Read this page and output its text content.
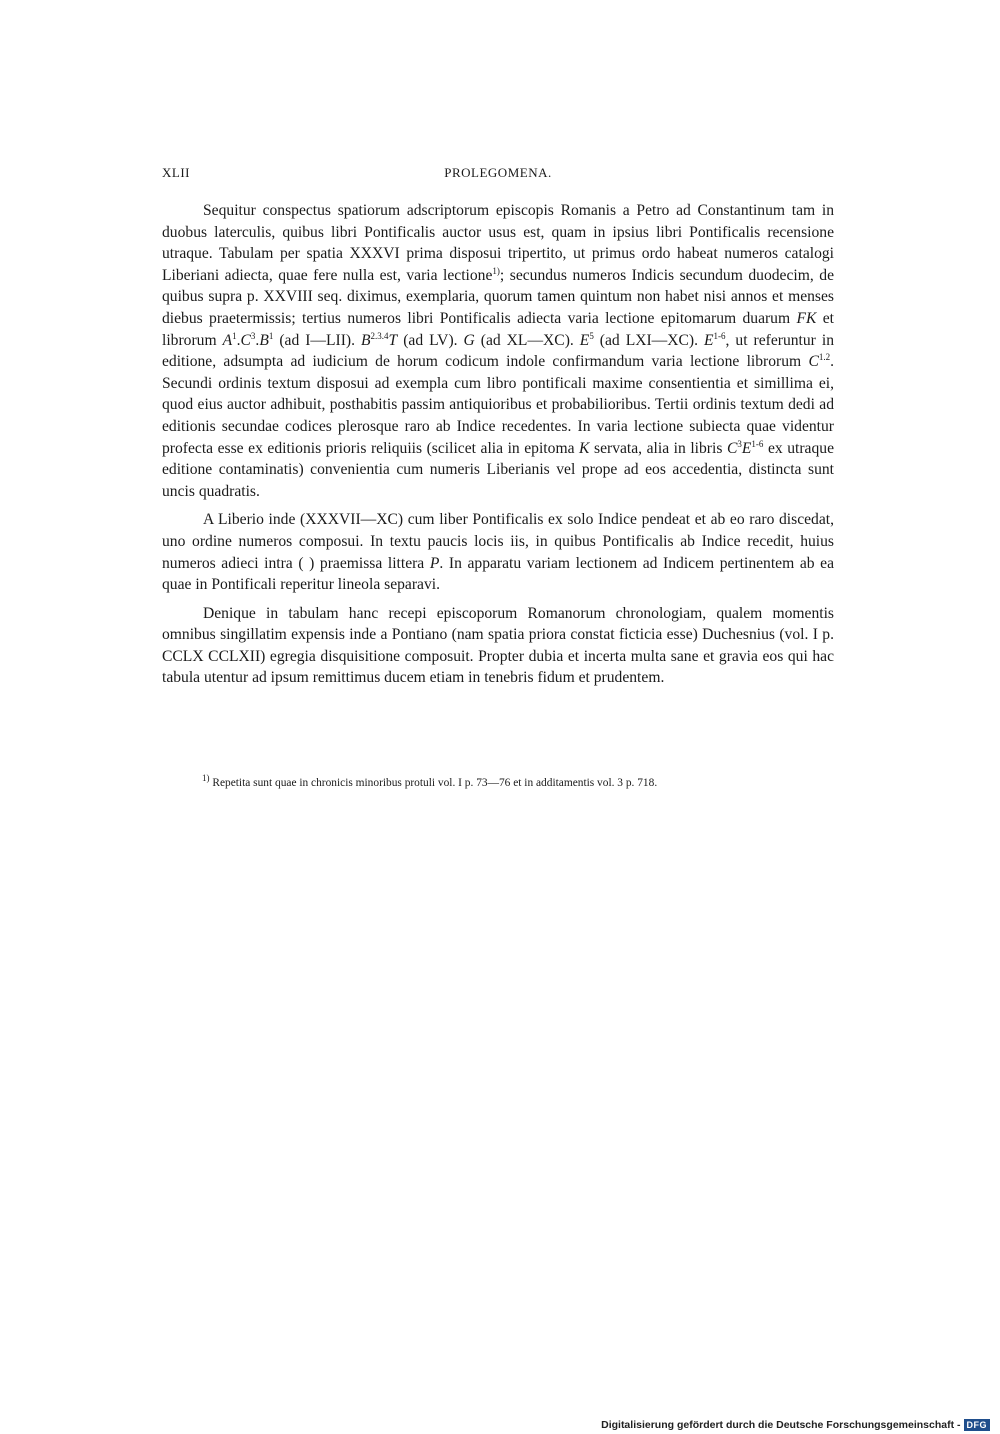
XLII	PROLEGOMENA.

Sequitur conspectus spatiorum adscriptorum episcopis Romanis a Petro ad Constantinum tam in duobus laterculis, quibus libri Pontificalis auctor usus est, quam in ipsius libri Pontificalis recensione utraque. Tabulam per spatia XXXVI prima disposui tripertito, ut primus ordo habeat numeros catalogi Liberiani adiecta, quae fere nulla est, varia lectione$^{1)}$; secundus numeros Indicis secundum duodecim, de quibus supra p. XXVIII seq. diximus, exemplaria, quorum tamen quintum non habet nisi annos et menses diebus praetermissis; tertius numeros libri Pontificalis adiecta varia lectione epitomarum duarum FK et librorum $A^1.C^3.B^1$ (ad I—LII). $B^{2.3.4}T$ (ad LV). G (ad XL—XC). $E^5$ (ad LXI—XC). $E^{1-6}$, ut referuntur in editione, adsumpta ad iudicium de horum codicum indole confirmandum varia lectione librorum $C^{1.2}$. Secundi ordinis textum disposui ad exempla cum libro pontificali maxime consentientia et simillima ei, quod eius auctor adhibuit, posthabitis passim antiquioribus et probabilioribus. Tertii ordinis textum dedi ad editionis secundae codices plerosque raro ab Indice recedentes. In varia lectione subiecta quae videntur profecta esse ex editionis prioris reliquiis (scilicet alia in epitoma K servata, alia in libris $C^3E^{1-6}$ ex utraque editione contaminatis) convenientia cum numeris Liberianis vel prope ad eos accedentia, distincta sunt uncis quadratis.

A Liberio inde (XXXVII—XC) cum liber Pontificalis ex solo Indice pendeat et ab eo raro discedat, uno ordine numeros composui. In textu paucis locis iis, in quibus Pontificalis ab Indice recedit, huius numeros adieci intra ( ) praemissa littera P. In apparatu variam lectionem ad Indicem pertinentem ab ea quae in Pontificali reperitur lineola separavi.

Denique in tabulam hanc recepi episcoporum Romanorum chronologiam, qualem momentis omnibus singillatim expensis inde a Pontiano (nam spatia priora constat ficticia esse) Duchesnius (vol. I p. CCLX CCLXII) egregia disquisitione composuit. Propter dubia et incerta multa sane et gravia eos qui hac tabula utentur ad ipsum remittimus ducem etiam in tenebris fidum et prudentem.

$^{1)}$ Repetita sunt quae in chronicis minoribus protuli vol. I p. 73—76 et in additamentis vol. 3 p. 718.
Digitalisierung gefördert durch die Deutsche Forschungsgemeinschaft - DFG
